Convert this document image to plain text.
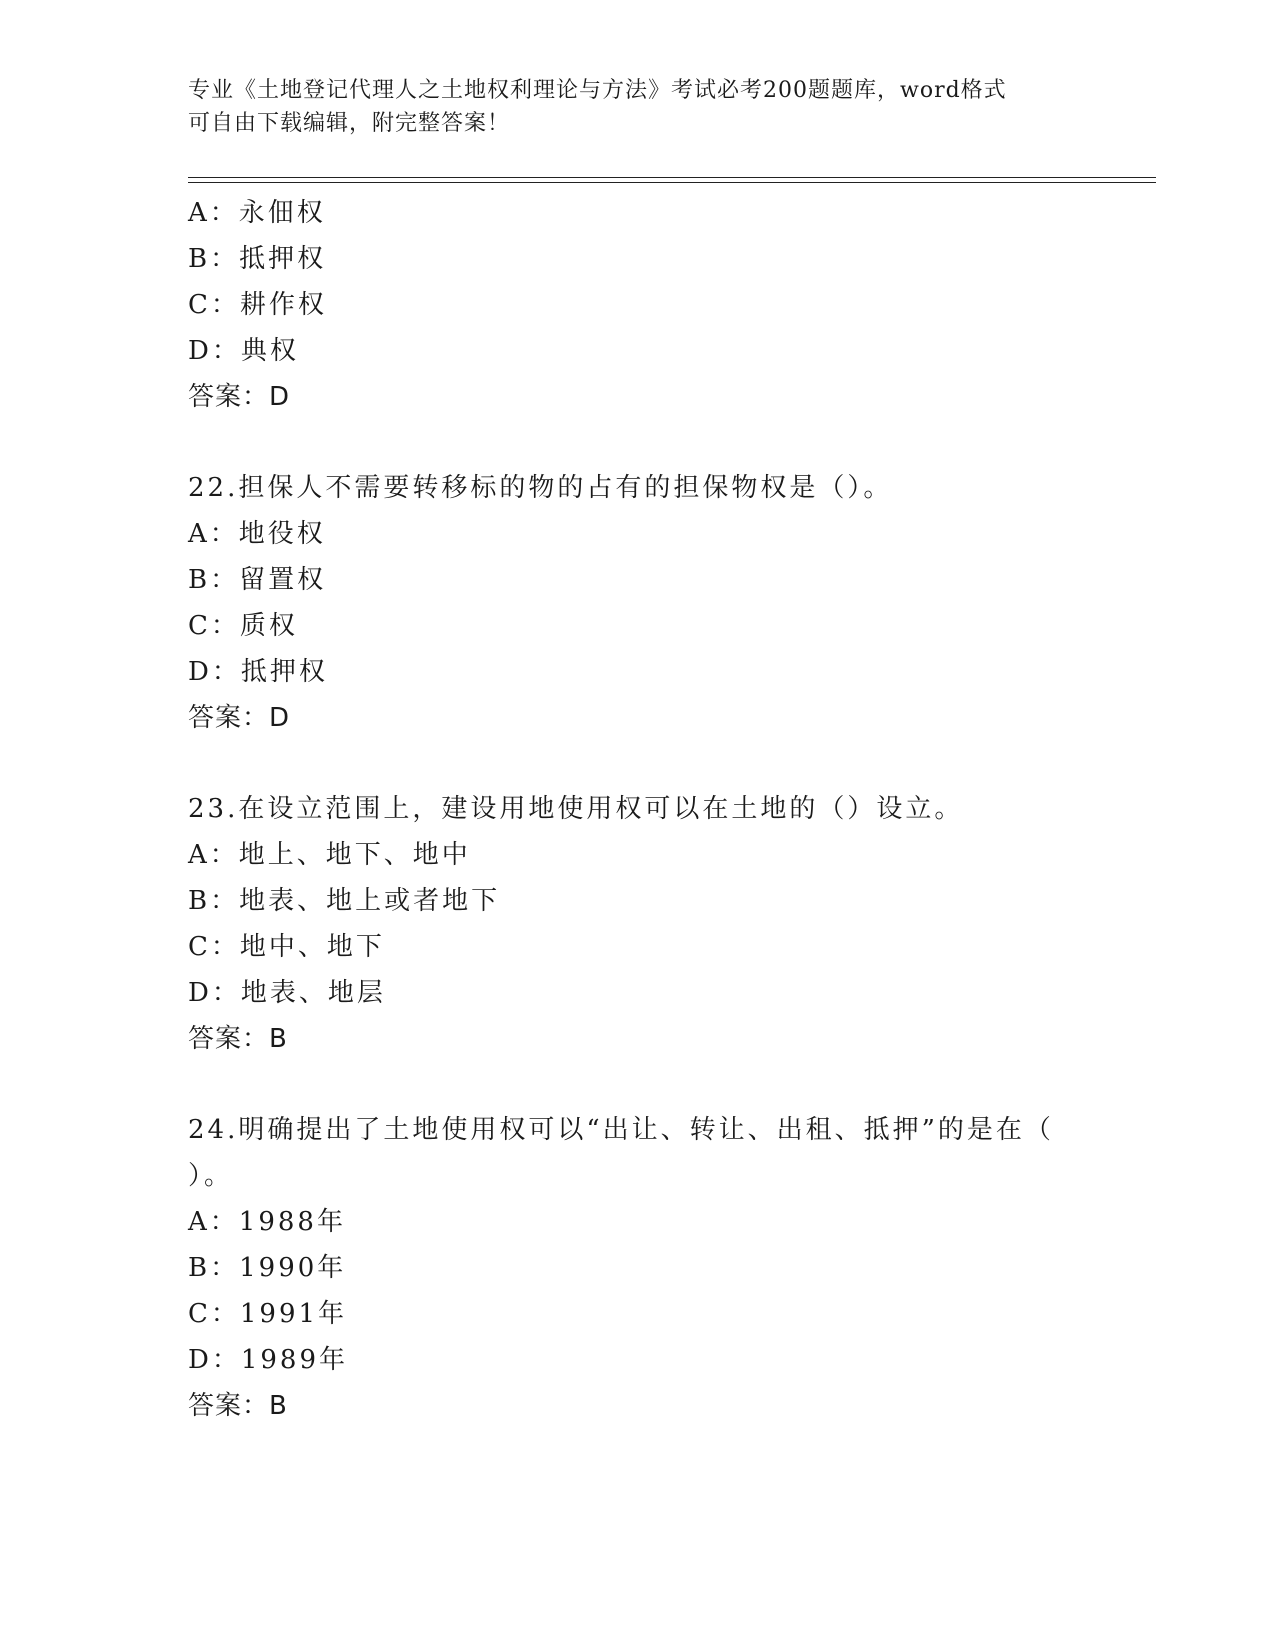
专业《土地登记代理人之土地权利理论与方法》考试必考200题题库，word格式
可自由下载编辑，附完整答案！
A：永佃权
B：抵押权
C：耕作权
D：典权
答案：D
22.担保人不需要转移标的物的占有的担保物权是（）。
A：地役权
B：留置权
C：质权
D：抵押权
答案：D
23.在设立范围上，建设用地使用权可以在土地的（）设立。
A：地上、地下、地中
B：地表、地上或者地下
C：地中、地下
D：地表、地层
答案：B
24.明确提出了土地使用权可以“出让、转让、出租、抵押”的是在（
）。
A：1988年
B：1990年
C：1991年
D：1989年
答案：B
